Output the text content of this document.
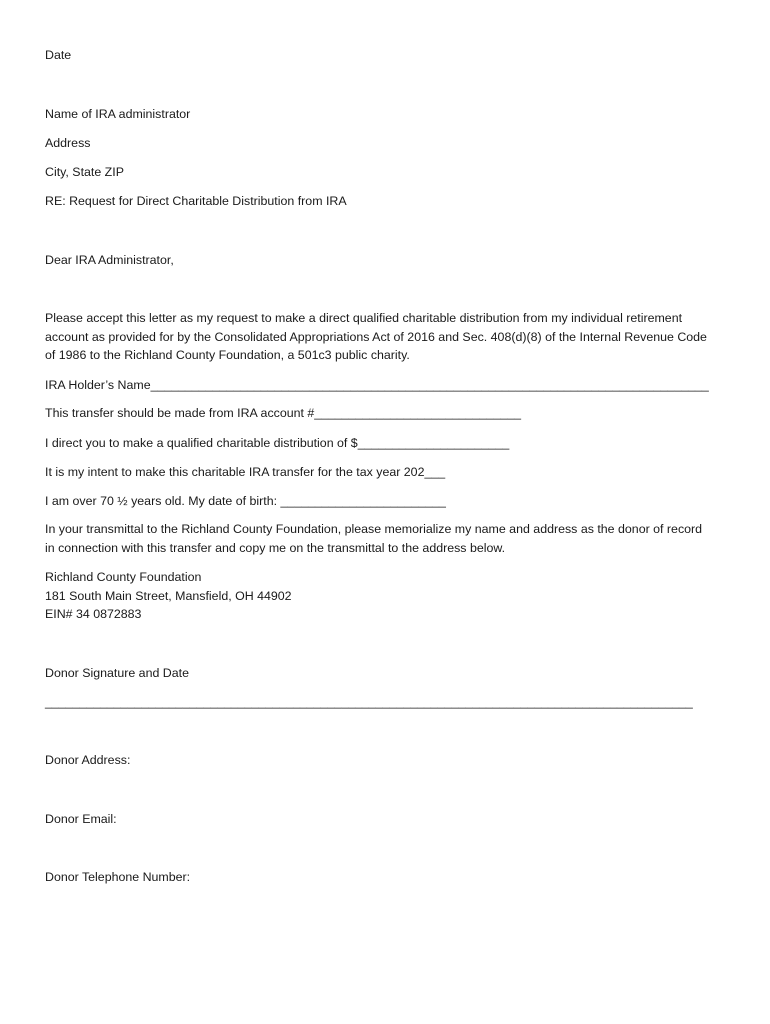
Date
Name of IRA administrator
Address
City, State ZIP
RE: Request for Direct Charitable Distribution from IRA
Dear IRA Administrator,
Please accept this letter as my request to make a direct qualified charitable distribution from my individual retirement
account as provided for by the Consolidated Appropriations Act of 2016 and Sec. 408(d)(8) of the Internal Revenue Code
of 1986 to the Richland County Foundation, a 501c3 public charity.
IRA Holder’s Name_________________________________________________________________________________
This transfer should be made from IRA account #______________________________
I direct you to make a qualified charitable distribution of $______________________
It is my intent to make this charitable IRA transfer for the tax year 202___
I am over 70 ½ years old. My date of birth: ________________________
In your transmittal to the Richland County Foundation, please memorialize my name and address as the donor of record
in connection with this transfer and copy me on the transmittal to the address below.
Richland County Foundation
181 South Main Street, Mansfield, OH 44902
EIN# 34 0872883
Donor Signature and Date
______________________________________________________________________________________________
Donor Address:
Donor Email:
Donor Telephone Number:
